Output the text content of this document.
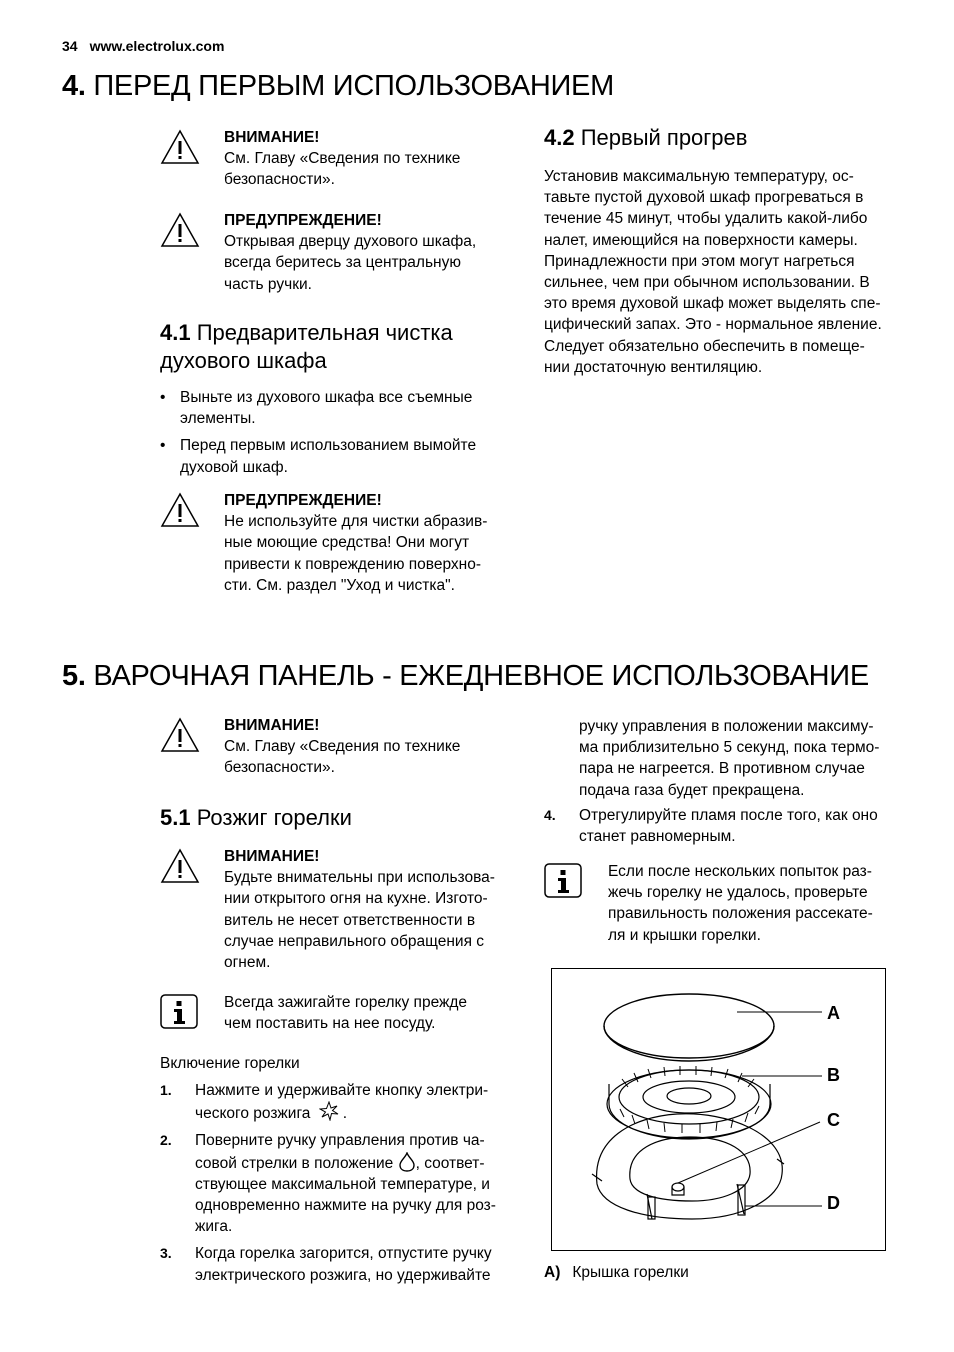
34 www.electrolux.com
4. ПЕРЕД ПЕРВЫМ ИСПОЛЬЗОВАНИЕМ
ВНИМАНИЕ!
См. Главу «Сведения по технике
безопасности».
ПРЕДУПРЕЖДЕНИЕ!
Открывая дверцу духового шкафа,
всегда беритесь за центральную
часть ручки.
4.1 Предварительная чистка
духового шкафа
• Выньте из духового шкафа все съемные
элементы.
• Перед первым использованием вымойте
духовой шкаф.
ПРЕДУПРЕЖДЕНИЕ!
Не используйте для чистки абразив-
ные моющие средства! Они могут
привести к повреждению поверхно-
сти. См. раздел "Уход и чистка".
4.2 Первый прогрев
Установив максимальную температуру, ос-
тавьте пустой духовой шкаф прогреваться в
течение 45 минут, чтобы удалить какой-либо
налет, имеющийся на поверхности камеры.
Принадлежности при этом могут нагреться
сильнее, чем при обычном использовании. В
это время духовой шкаф может выделять спе-
цифический запах. Это - нормальное явление.
Следует обязательно обеспечить в помеще-
нии достаточную вентиляцию.
5. ВАРОЧНАЯ ПАНЕЛЬ - ЕЖЕДНЕВНОЕ ИСПОЛЬЗОВАНИЕ
ВНИМАНИЕ!
См. Главу «Сведения по технике
безопасности».
5.1 Розжиг горелки
ВНИМАНИЕ!
Будьте внимательны при использова-
нии открытого огня на кухне. Изгото-
витель не несет ответственности в
случае неправильного обращения с
огнем.
Всегда зажигайте горелку прежде
чем поставить на нее посуду.
Включение горелки
1. Нажмите и удерживайте кнопку электри-
ческого розжига .
2. Поверните ручку управления против ча-
совой стрелки в положение , соответ-
ствующее максимальной температуре, и
одновременно нажмите на ручку для роз-
жига.
3. Когда горелка загорится, отпустите ручку
электрического розжига, но удерживайте
ручку управления в положении максиму-
ма приблизительно 5 секунд, пока термо-
пара не нагреется. В противном случае
подача газа будет прекращена.
4. Отрегулируйте пламя после того, как оно
станет равномерным.
Если после нескольких попыток раз-
жечь горелку не удалось, проверьте
правильность положения рассекате-
ля и крышки горелки.
A
B
C
D
A) Крышка горелки
